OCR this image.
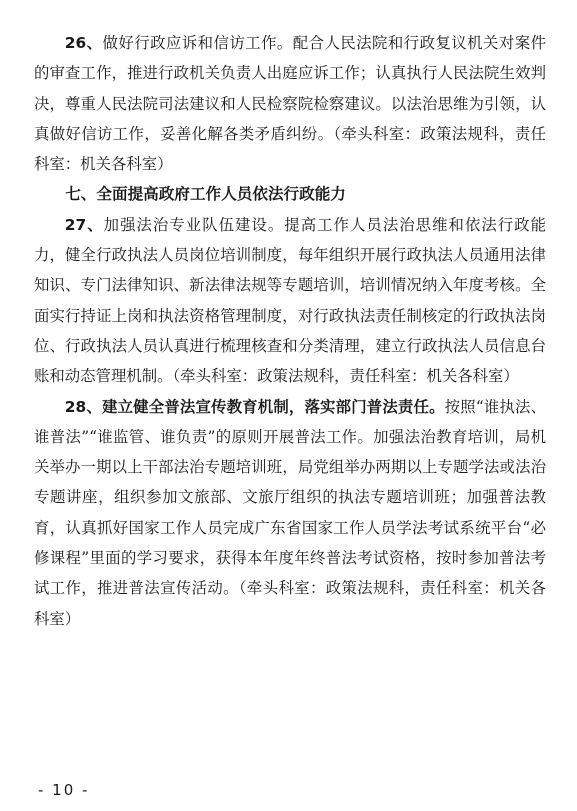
26、做好行政应诉和信访工作。配合人民法院和行政复议机关对案件的审查工作，推进行政机关负责人出庭应诉工作；认真执行人民法院生效判决，尊重人民法院司法建议和人民检察院检察建议。以法治思维为引领，认真做好信访工作，妥善化解各类矛盾纠纷。（牵头科室：政策法规科，责任科室：机关各科室）

七、全面提高政府工作人员依法行政能力

27、加强法治专业队伍建设。提高工作人员法治思维和依法行政能力，健全行政执法人员岗位培训制度，每年组织开展行政执法人员通用法律知识、专门法律知识、新法律法规等专题培训，培训情况纳入年度考核。全面实行持证上岗和执法资格管理制度，对行政执法责任制核定的行政执法岗位、行政执法人员认真进行梳理核查和分类清理，建立行政执法人员信息台账和动态管理机制。（牵头科室：政策法规科，责任科室：机关各科室）

28、建立健全普法宣传教育机制，落实部门普法责任。按照“谁执法、谁普法”“谁监管、谁负责”的原则开展普法工作。加强法治教育培训，局机关举办一期以上干部法治专题培训班，局党组举办两期以上专题学法或法治专题讲座，组织参加文旅部、文旅厅组织的执法专题培训班；加强普法教育，认真抓好国家工作人员完成广东省国家工作人员学法考试系统平台“必修课程”里面的学习要求，获得本年度年终普法考试资格，按时参加普法考试工作，推进普法宣传活动。（牵头科室：政策法规科，责任科室：机关各科室）

- 10 -
